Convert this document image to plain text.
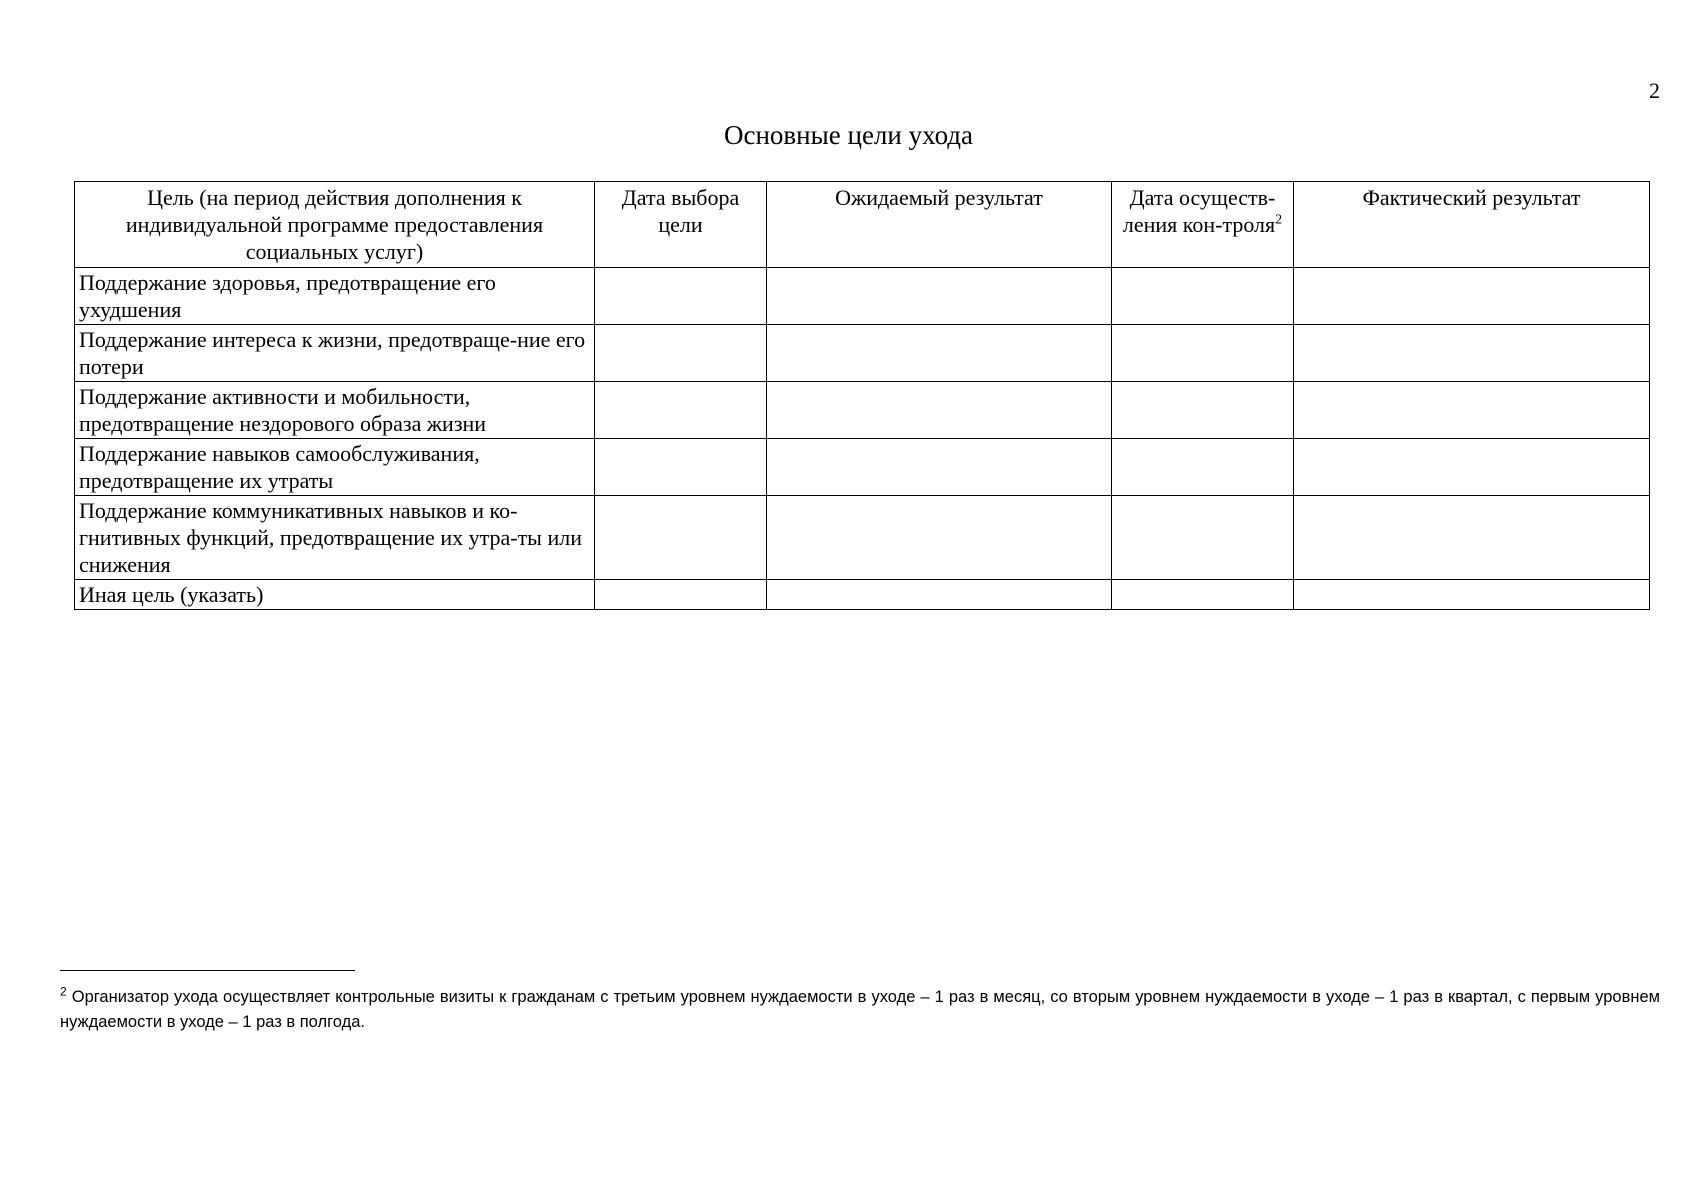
2
Основные цели ухода
Цель (на период действия дополнения к индивидуальной программе предоставления социальных услуг)	Дата выбора цели	Ожидаемый результат	Дата осуществ-ления кон-троля$^2$	Фактический результат
Поддержание здоровья, предотвращение его ухудшения				
Поддержание интереса к жизни, предотвраще-ние его потери				
Поддержание активности и мобильности, предотвращение нездорового образа жизни				
Поддержание навыков самообслуживания, предотвращение их утраты				
Поддержание коммуникативных навыков и ко-гнитивных функций, предотвращение их утра-ты или снижения				
Иная цель (указать)				
$^2$ Организатор ухода осуществляет контрольные визиты к гражданам с третьим уровнем нуждаемости в уходе – 1 раз в месяц, со вторым уровнем нуждаемости в уходе – 1 раз в квартал, с первым уровнем нуждаемости в уходе – 1 раз в полгода.
